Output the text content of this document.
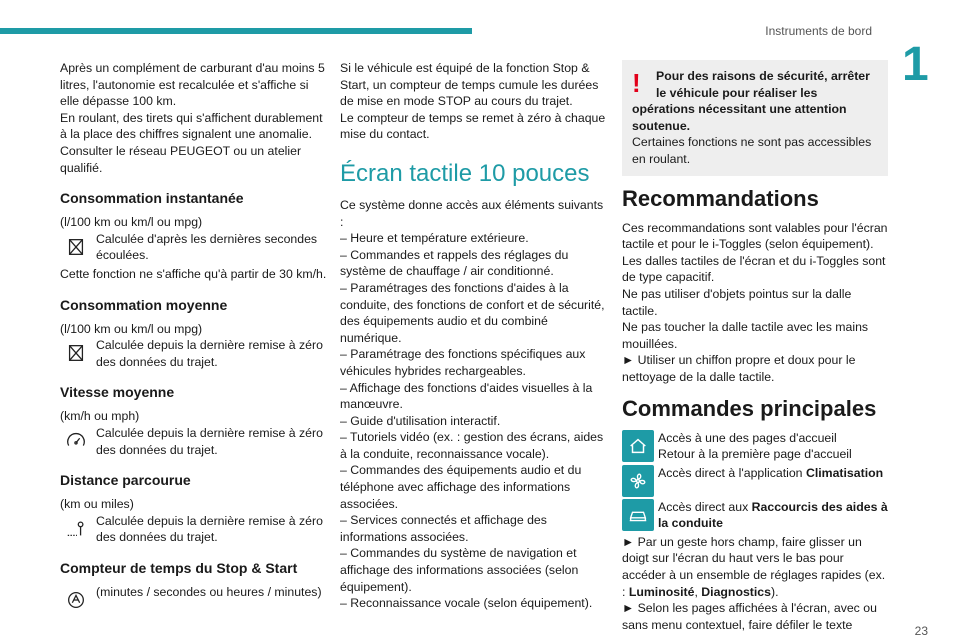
Instruments de bord
1

Après un complément de carburant d'au moins 5 litres, l'autonomie est recalculée et s'affiche si elle dépasse 100 km.

En roulant, des tirets qui s'affichent durablement à la place des chiffres signalent une anomalie. Consulter le réseau PEUGEOT ou un atelier qualifié.

Consommation instantanée

(l/100 km ou km/l ou mpg)

Calculée d'après les dernières secondes écoulées.

Cette fonction ne s'affiche qu'à partir de 30 km/h.

Consommation moyenne

(l/100 km ou km/l ou mpg)

Calculée depuis la dernière remise à zéro des données du trajet.
Vitesse moyenne

(km/h ou mph)

Calculée depuis la dernière remise à zéro des données du trajet.
Distance parcourue

(km ou miles)

Calculée depuis la dernière remise à zéro des données du trajet.
Compteur de temps du Stop & Start
(minutes / secondes ou heures / minutes)

Si le véhicule est équipé de la fonction Stop & Start, un compteur de temps cumule les durées de mise en mode STOP au cours du trajet.

Le compteur de temps se remet à zéro à chaque mise du contact.

Écran tactile 10 pouces

Ce système donne accès aux éléments suivants :

– Heure et température extérieure.

– Commandes et rappels des réglages du système de chauffage / air conditionné.

– Paramétrages des fonctions d'aides à la conduite, des fonctions de confort et de sécurité, des équipements audio et du combiné numérique.

– Paramétrage des fonctions spécifiques aux véhicules hybrides rechargeables.

– Affichage des fonctions d'aides visuelles à la manœuvre.

– Guide d'utilisation interactif.

– Tutoriels vidéo (ex. : gestion des écrans, aides à la conduite, reconnaissance vocale).

– Commandes des équipements audio et du téléphone avec affichage des informations associées.

– Services connectés et affichage des informations associées.

– Commandes du système de navigation et affichage des informations associées (selon équipement).

– Reconnaissance vocale (selon équipement).

!	Pour des raisons de sécurité, arrêter le véhicule pour réaliser les opérations nécessitant une attention soutenue.

Certaines fonctions ne sont pas accessibles en roulant.

Recommandations

Ces recommandations sont valables pour l'écran tactile et pour le i-Toggles (selon équipement).

Les dalles tactiles de l'écran et du i-Toggles sont de type capacitif.

Ne pas utiliser d'objets pointus sur la dalle tactile.

Ne pas toucher la dalle tactile avec les mains mouillées.

► Utiliser un chiffon propre et doux pour le nettoyage de la dalle tactile.

Commandes principales

Accès à une des pages d'accueil

Retour à la première page d'accueil

Accès direct à l'application Climatisation
Accès direct aux Raccourcis des aides à la conduite

► Par un geste hors champ, faire glisser un doigt sur l'écran du haut vers le bas pour accéder à un ensemble de réglages rapides (ex. : Luminosité, Diagnostics).

► Selon les pages affichées à l'écran, avec ou sans menu contextuel, faire défiler le texte	23
